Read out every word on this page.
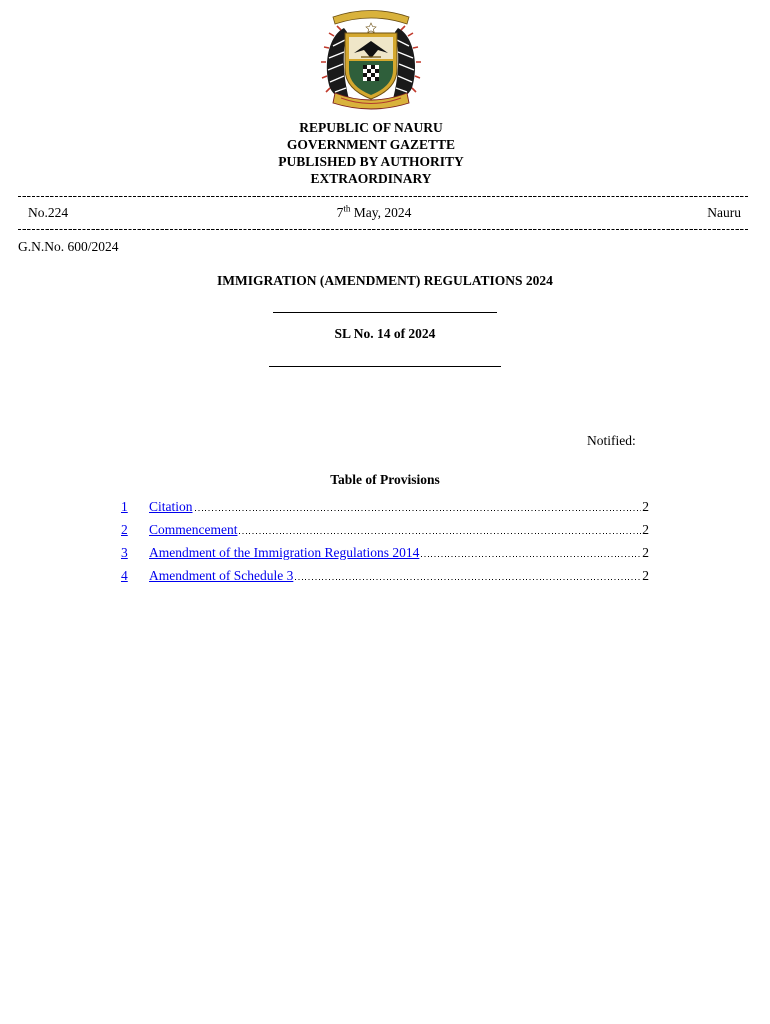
REPUBLIC OF NAURU
GOVERNMENT GAZETTE
PUBLISHED BY AUTHORITY
EXTRAORDINARY
No.224	7th May, 2024	Nauru
G.N.No. 600/2024
IMMIGRATION (AMENDMENT) REGULATIONS 2024
SL No. 14 of 2024
Notified:
Table of Provisions
1	Citation	2
2	Commencement	2
3	Amendment of the Immigration Regulations 2014	2
4	Amendment of Schedule 3	2
